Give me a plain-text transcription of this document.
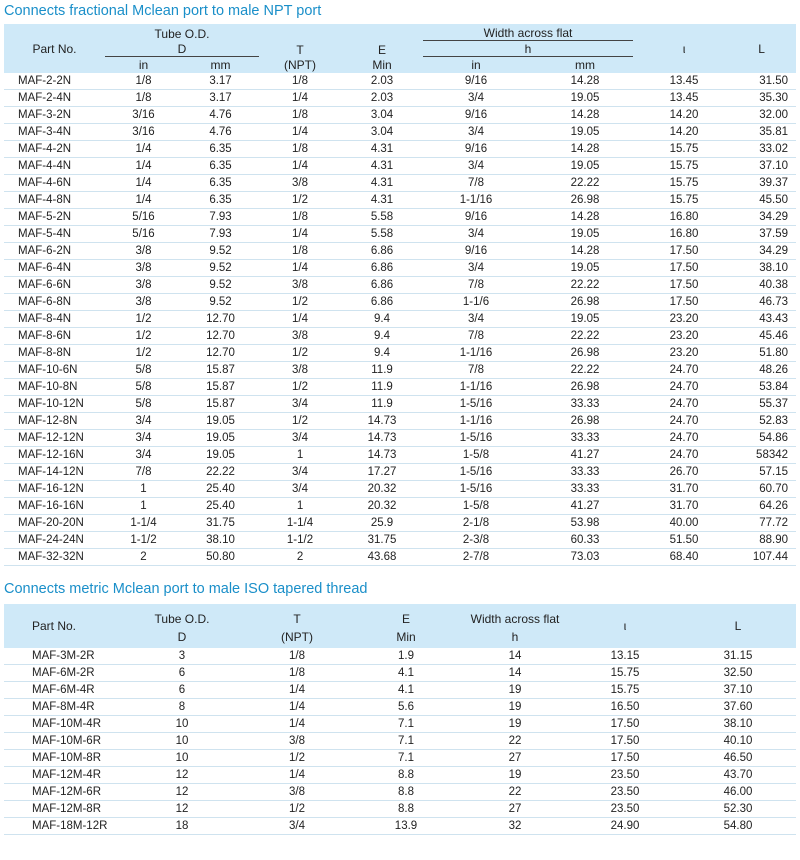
Connects fractional Mclean port to male NPT port
Part No.	Tube O.D.		T	E	Width across flat		ι	L

	D				h			

	in	mm	(NPT)	Min	in	mm		
MAF-2-2N	1/8	3.17	1/8	2.03	9/16	14.28	13.45	31.50
MAF-2-4N	1/8	3.17	1/4	2.03	3/4	19.05	13.45	35.30
MAF-3-2N	3/16	4.76	1/8	3.04	9/16	14.28	14.20	32.00
MAF-3-4N	3/16	4.76	1/4	3.04	3/4	19.05	14.20	35.81
MAF-4-2N	1/4	6.35	1/8	4.31	9/16	14.28	15.75	33.02
MAF-4-4N	1/4	6.35	1/4	4.31	3/4	19.05	15.75	37.10
MAF-4-6N	1/4	6.35	3/8	4.31	7/8	22.22	15.75	39.37
MAF-4-8N	1/4	6.35	1/2	4.31	1-1/16	26.98	15.75	45.50
MAF-5-2N	5/16	7.93	1/8	5.58	9/16	14.28	16.80	34.29
MAF-5-4N	5/16	7.93	1/4	5.58	3/4	19.05	16.80	37.59
MAF-6-2N	3/8	9.52	1/8	6.86	9/16	14.28	17.50	34.29
MAF-6-4N	3/8	9.52	1/4	6.86	3/4	19.05	17.50	38.10
MAF-6-6N	3/8	9.52	3/8	6.86	7/8	22.22	17.50	40.38
MAF-6-8N	3/8	9.52	1/2	6.86	1-1/6	26.98	17.50	46.73
MAF-8-4N	1/2	12.70	1/4	9.4	3/4	19.05	23.20	43.43
MAF-8-6N	1/2	12.70	3/8	9.4	7/8	22.22	23.20	45.46
MAF-8-8N	1/2	12.70	1/2	9.4	1-1/16	26.98	23.20	51.80
MAF-10-6N	5/8	15.87	3/8	11.9	7/8	22.22	24.70	48.26
MAF-10-8N	5/8	15.87	1/2	11.9	1-1/16	26.98	24.70	53.84
MAF-10-12N	5/8	15.87	3/4	11.9	1-5/16	33.33	24.70	55.37
MAF-12-8N	3/4	19.05	1/2	14.73	1-1/16	26.98	24.70	52.83
MAF-12-12N	3/4	19.05	3/4	14.73	1-5/16	33.33	24.70	54.86
MAF-12-16N	3/4	19.05	1	14.73	1-5/8	41.27	24.70	58342
MAF-14-12N	7/8	22.22	3/4	17.27	1-5/16	33.33	26.70	57.15
MAF-16-12N	1	25.40	3/4	20.32	1-5/16	33.33	31.70	60.70
MAF-16-16N	1	25.40	1	20.32	1-5/8	41.27	31.70	64.26
MAF-20-20N	1-1/4	31.75	1-1/4	25.9	2-1/8	53.98	40.00	77.72
MAF-24-24N	1-1/2	38.10	1-1/2	31.75	2-3/8	60.33	51.50	88.90
MAF-32-32N	2	50.80	2	43.68	2-7/8	73.03	68.40	107.44
Connects metric Mclean port to male ISO tapered thread
Part No.	Tube O.D.	T	E	Width across flat	ι	L
	D	(NPT)	Min	h		
MAF-3M-2R	3	1/8	1.9	14	13.15	31.15
MAF-6M-2R	6	1/8	4.1	14	15.75	32.50
MAF-6M-4R	6	1/4	4.1	19	15.75	37.10
MAF-8M-4R	8	1/4	5.6	19	16.50	37.60
MAF-10M-4R	10	1/4	7.1	19	17.50	38.10
MAF-10M-6R	10	3/8	7.1	22	17.50	40.10
MAF-10M-8R	10	1/2	7.1	27	17.50	46.50
MAF-12M-4R	12	1/4	8.8	19	23.50	43.70
MAF-12M-6R	12	3/8	8.8	22	23.50	46.00
MAF-12M-8R	12	1/2	8.8	27	23.50	52.30
MAF-18M-12R	18	3/4	13.9	32	24.90	54.80
